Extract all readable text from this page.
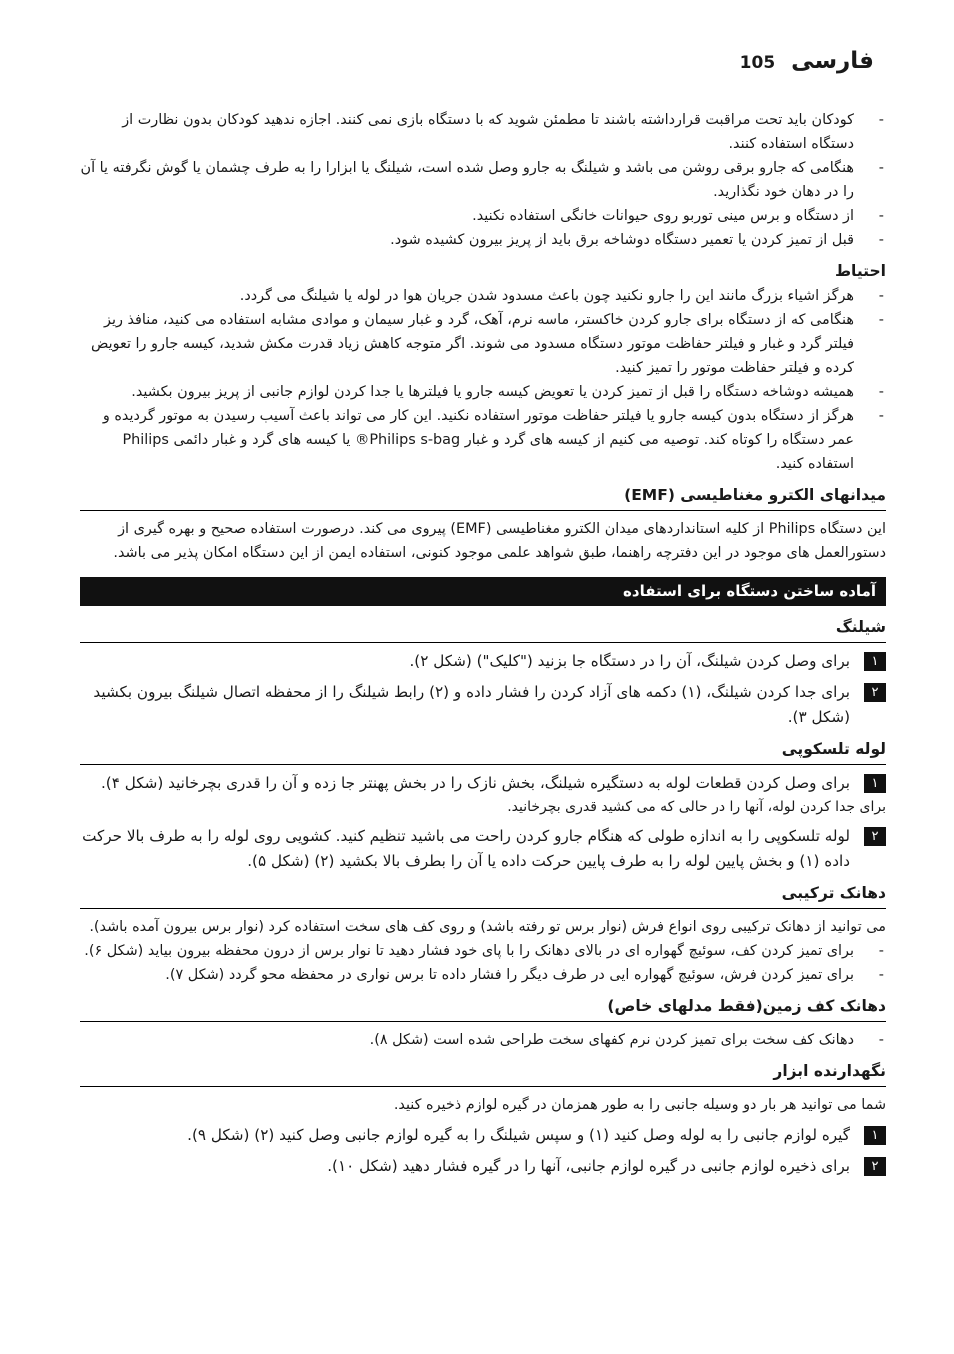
فارسی
105

- کودکان باید تحت مراقبت قرارداشته باشند تا مطمئن شوید که با دستگاه بازی نمی کنند. اجازه ندهید کودکان بدون نظارت از دستگاه استفاده کنند.

- هنگامی که جارو برقی روشن می باشد و شیلنگ به جارو وصل شده است، شیلنگ یا ابزارا را به طرف چشمان یا گوش نگرفته یا آن را در دهان خود نگذارید.

- از دستگاه و برس مینی توربو روی حیوانات خانگی استفاده نکنید.

- قبل از تمیز کردن یا تعمیر دستگاه دوشاخه برق باید از پریز بیرون کشیده شود.

احتیاط

- هرگز اشیاء بزرگ مانند این را جارو نکنید چون باعث مسدود شدن جریان هوا در لوله یا شیلنگ می گردد.

- هنگامی که از دستگاه برای جارو کردن خاکستر، ماسه نرم، آهک، گرد و غبار سیمان و موادی مشابه استفاده می کنید، منافذ ریز فیلتر گرد و غبار و فیلتر حفاظت موتور دستگاه مسدود می شوند. اگر متوجه کاهش زیاد قدرت مکش شدید، کیسه جارو را تعویض کرده و فیلتر حفاظت موتور را تمیز کنید.

- همیشه دوشاخه دستگاه را قبل از تمیز کردن یا تعویض کیسه جارو یا فیلترها یا جدا کردن لوازم جانبی از پریز بیرون بکشید.

- هرگز از دستگاه بدون کیسه جارو یا فیلتر حفاظت موتور استفاده نکنید. این کار می تواند باعث آسیب رسیدن به موتور گردیده و عمر دستگاه را کوتاه کند. توصیه می کنیم از کیسه های گرد و غبار Philips s-bag® یا کیسه های گرد و غبار دائمی Philips استفاده کنید.

میدانهای الکترو مغناطیسی (EMF)

این دستگاه Philips از کلیه استانداردهای میدان الکترو مغناطیسی (EMF) پیروی می کند. درصورت استفاده صحیح و بهره گیری از دستورالعمل های موجود در این دفترچه راهنما، طبق شواهد علمی موجود کنونی، استفاده ایمن از این دستگاه امکان پذیر می باشد.

آماده ساختن دستگاه برای استفاده
شیلنگ
۱
برای وصل کردن شیلنگ، آن را در دستگاه جا بزنید ("کلیک") (شکل ۲).
۲
برای جدا کردن شیلنگ، (۱) دکمه های آزاد کردن را فشار داده و (۲) رابط شیلنگ را از محفظه اتصال شیلنگ بیرون بکشید (شکل ۳).
لوله تلسکوپی
۱
برای وصل کردن قطعات لوله به دستگیره شیلنگ، بخش نازک را در بخش پهنتر جا زده و آن را قدری بچرخانید (شکل ۴).

برای جدا کردن لوله، آنها را در حالی که می کشید قدری بچرخانید.

۲
لوله تلسکوپی را به اندازه طولی که هنگام جارو کردن راحت می باشید تنظیم کنید. کشویی روی لوله را به طرف بالا حرکت داده (۱) و بخش پایین لوله را به طرف پایین حرکت داده یا آن را بطرف بالا بکشید (۲) (شکل ۵).
دهانک ترکیبی

می توانید از دهانک ترکیبی روی انواع فرش (نوار برس تو رفته باشد) و روی کف های سخت استفاده کرد (نوار برس بیرون آمده باشد).

- برای تمیز کردن کف، سوئیچ گهواره ای در بالای دهانک را با پای خود فشار دهید تا نوار برس از درون محفظه بیرون بیاید (شکل ۶).

- برای تمیز کردن فرش، سوئیچ گهواره ایی در طرف دیگر را فشار داده تا برس نواری در محفظه محو گردد (شکل ۷).

دهانک کف زمین(فقط مدلهای خاص)

- دهانک کف سخت برای تمیز کردن نرم کفهای سخت طراحی شده است (شکل ۸).

نگهدارنده ابزار

شما می توانید هر بار دو وسیله جانبی را به طور همزمان در گیره لوازم ذخیره کنید.

۱
گیره لوازم جانبی را به لوله وصل کنید (۱) و سپس شیلنگ را به گیره لوازم جانبی وصل کنید (۲) (شکل ۹).
۲
برای ذخیره لوازم جانبی در گیره لوازم جانبی، آنها را در گیره فشار دهید (شکل ۱۰).
